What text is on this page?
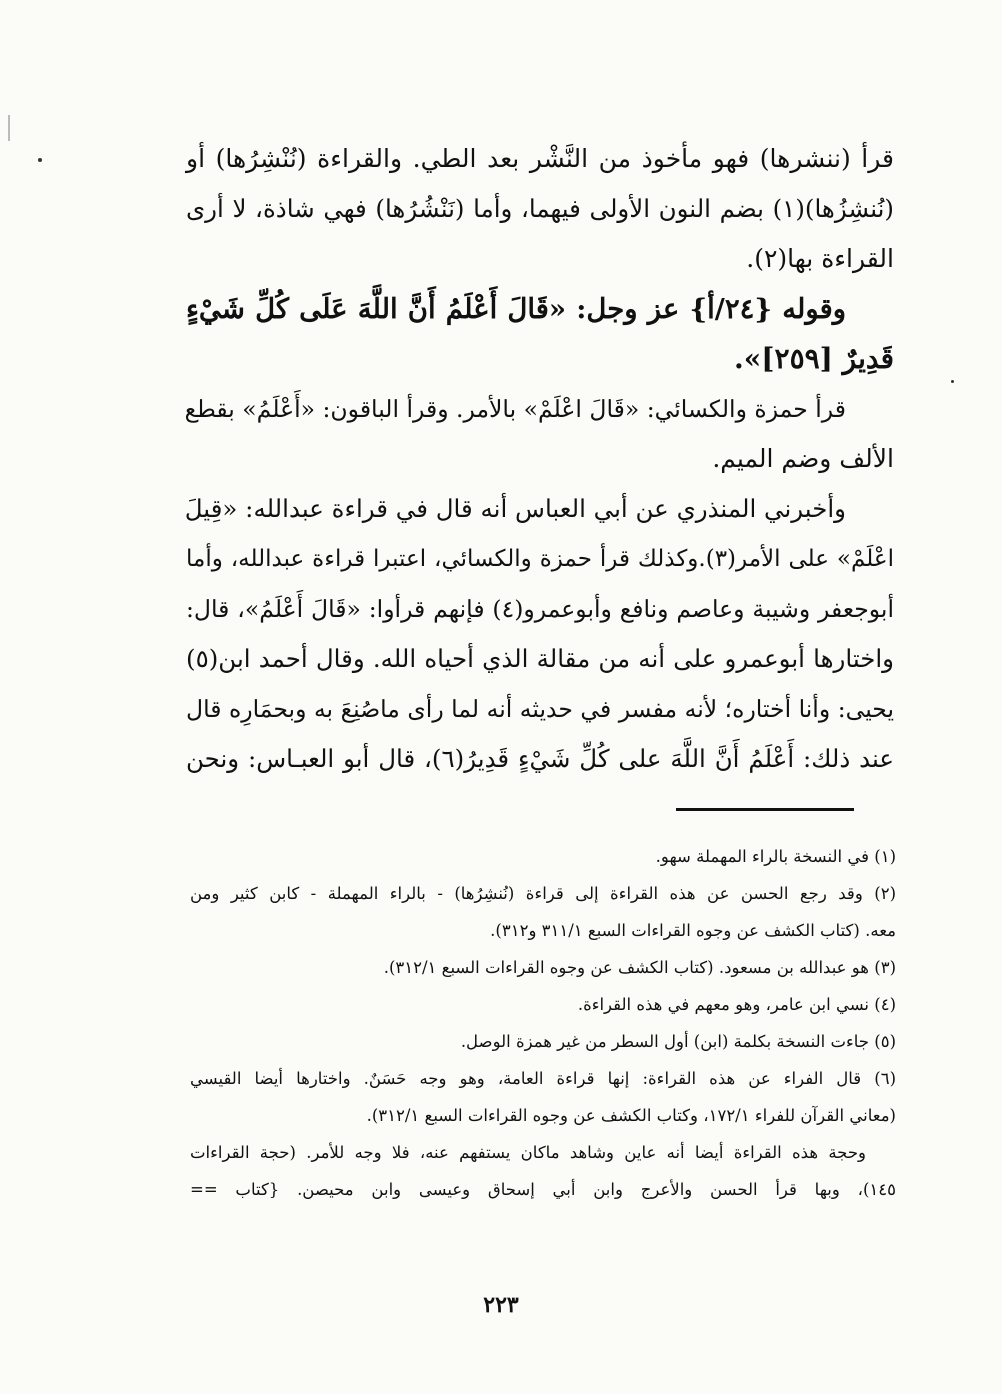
قرأ (ننشرها) فهو مأخوذ من النَّشْر بعد الطي. والقراءة (نُنْشِرُها) أو
(نُنشِزُها)(١) بضم النون الأولى فيهما، وأما (نَنْشُرُها) فهي شاذة، لا أرى
القراءة بها(٢).
وقوله {٢٤/أ} عز وجل: «قَالَ أَعْلَمُ أَنَّ اللَّهَ عَلَى كُلِّ شَيْءٍ
قَدِيرٌ [٢٥٩]».
قرأ حمزة والكسائي: «قَالَ اعْلَمْ» بالأمر. وقرأ الباقون: «أَعْلَمُ» بقطع
الألف وضم الميم.
وأخبرني المنذري عن أبي العباس أنه قال في قراءة عبدالله: «قِيلَ
اعْلَمْ» على الأمر(٣).وكذلك قرأ حمزة والكسائي، اعتبرا قراءة عبدالله، وأما
أبوجعفر وشيبة وعاصم ونافع وأبوعمرو(٤) فإنهم قرأوا: «قَالَ أَعْلَمُ»، قال:
واختارها أبوعمرو على أنه من مقالة الذي أحياه الله. وقال أحمد ابن(٥)
يحيى: وأنا أختاره؛ لأنه مفسر في حديثه أنه لما رأى ماصُنِعَ به وبحمَارِه قال
عند ذلك: أَعْلَمُ أَنَّ اللَّهَ على كُلِّ شَيْءٍ قَدِيرُ(٦)، قال أبو العبـاس: ونحن
(١) في النسخة بالراء المهملة سهو.
(٢) وقد رجع الحسن عن هذه القراءة إلى قراءة (نُنشِرُها) - بالراء المهملة - كابن كثير ومن
معه. (كتاب الكشف عن وجوه القراءات السبع ٣١١/١ و٣١٢).
(٣) هو عبدالله بن مسعود. (كتاب الكشف عن وجوه القراءات السبع ٣١٢/١).
(٤) نسي ابن عامر، وهو معهم في هذه القراءة.
(٥) جاءت النسخة بكلمة (ابن) أول السطر من غير همزة الوصل.
(٦) قال الفراء عن هذه القراءة: إنها قراءة العامة، وهو وجه حَسَنٌ. واختارها أيضا القيسي
(معاني القرآن للفراء ١٧٢/١، وكتاب الكشف عن وجوه القراءات السبع ٣١٢/١).
وحجة هذه القراءة أيضا أنه عاين وشاهد ماكان يستفهم عنه، فلا وجه للأمر. (حجة القراءات
١٤٥)، وبها قرأ الحسن والأعرج وابن أبي إسحاق وعيسى وابن محيصن. {كتاب ==
٢٢٣
